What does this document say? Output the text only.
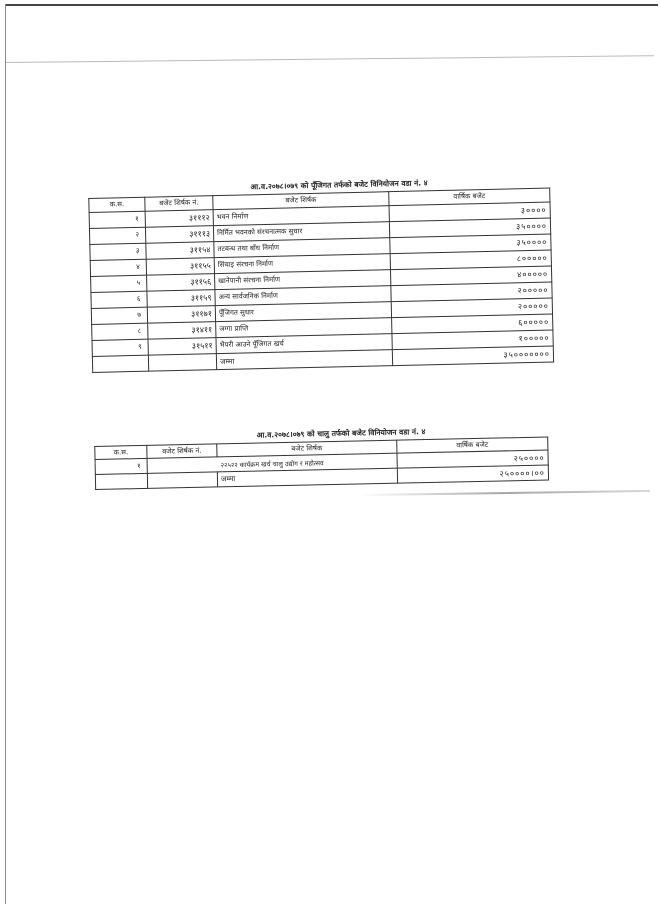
आ.व.२०७८।०७९ को पूँजिगत तर्फको बजेट विनियोजन वडा नं. ४
क.स.	बजेट शिर्षक नं.	बजेट शिर्षक	वार्षिक बजेट
१	३१११२	भवन निर्माण	३००००
२	३१११३	निर्मित भवनको संरचनात्मक सुधार	३५००००
३	३११५४	तटबन्ध तथा बाँध निर्माण	३५००००
४	३११५५	सिंचाइ संरचना निर्माण	८०००००
५	३११५६	खानेपानी संरचना निर्माण	४०००००
६	३११५९	अन्य सार्वजनिक निर्माण	२०००००
७	३११७१	पूँजिगत सुधार	२०००००
८	३१४११	जग्गा प्राप्ति	६०००००
९	३१५११	भैपरी आउने पूँजिगत खर्च	१०००००
		जम्मा	३५०००००००
आ.व.२०७८।०७९ को चालु तर्फको बजेट विनियोजन वडा नं. ४
क.स.	बजेट शिर्षक नं.	बजेट शिर्षक	वार्षिक बजेट
१	२२५२२ कार्यक्रम खर्च चालु उद्योग र महोत्सव		२५००००
		जम्मा	२५००००।००
